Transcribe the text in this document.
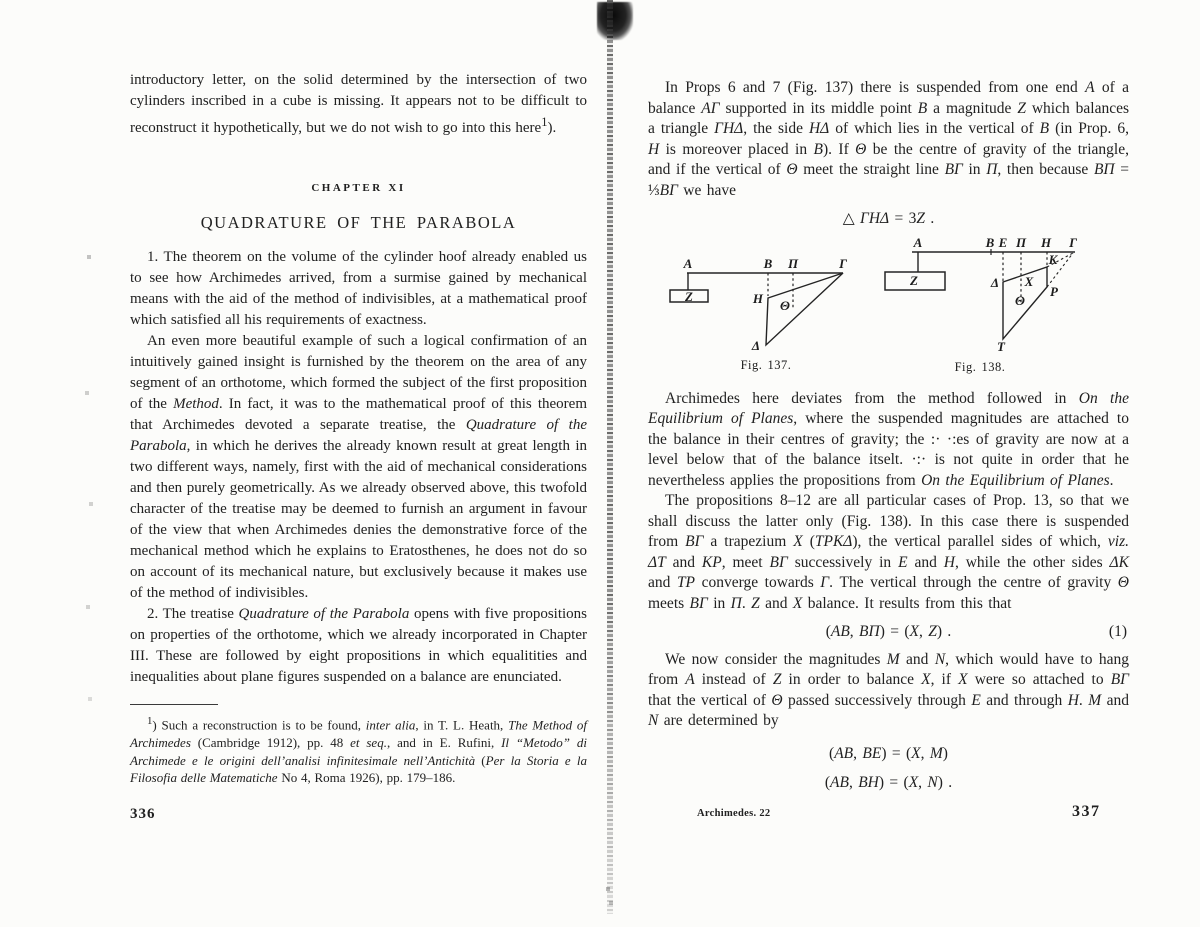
introductory letter, on the solid determined by the intersection of two cylinders inscribed in a cube is missing. It appears not to be difficult to reconstruct it hypothetically, but we do not wish to go into this here$^1$).

CHAPTER XI

QUADRATURE OF THE PARABOLA

1. The theorem on the volume of the cylinder hoof already enabled us to see how Archimedes arrived, from a surmise gained by mechanical means with the aid of the method of indivisibles, at a mathematical proof which satisfied all his requirements of exactness.

An even more beautiful example of such a logical confirmation of an intuitively gained insight is furnished by the theorem on the area of any segment of an orthotome, which formed the subject of the first proposition of the Method. In fact, it was to the mathematical proof of this theorem that Archimedes devoted a separate treatise, the Quadrature of the Parabola, in which he derives the already known result at great length in two different ways, namely, first with the aid of mechanical considerations and then purely geometrically. As we already observed above, this twofold character of the treatise may be deemed to furnish an argument in favour of the view that when Archimedes denies the demonstrative force of the mechanical method which he explains to Eratosthenes, he does not do so on account of its mechanical nature, but exclusively because it makes use of the method of indivisibles.

2. The treatise Quadrature of the Parabola opens with five propositions on properties of the orthotome, which we already incorporated in Chapter III. These are followed by eight propositions in which equalitities and inequalities about plane figures suspended on a balance are enunciated.

$^1$) Such a reconstruction is to be found, inter alia, in T. L. Heath, The Method of Archimedes (Cambridge 1912), pp. 48 et seq., and in E. Rufini, Il “Metodo” di Archimede e le origini dell’analisi infinitesimale nell’Antichità (Per la Storia e la Filosofia delle Matematiche No 4, Roma 1926), pp. 179–186.

336

In Props 6 and 7 (Fig. 137) there is suspended from one end A of a balance AΓ supported in its middle point B a magnitude Z which balances a triangle ΓHΔ, the side HΔ of which lies in the vertical of B (in Prop. 6, H is moreover placed in B). If Θ be the centre of gravity of the triangle, and if the vertical of Θ meet the straight line BΓ in Π, then because BΠ = ⅓BΓ we have

△ ΓHΔ = 3Z .
A	B Π	Γ
Z	H Θ
Δ
Fig. 137.
A	B E Π H Γ
Z	Δ
K
X
Θ
P
T
Fig. 138.

Archimedes here deviates from the method followed in On the Equilibrium of Planes, where the suspended magnitudes are attached to the balance in their centres of gravity; the :· ·:es of gravity are now at a level below that of the balance itselt. ·:· is not quite in order that he nevertheless applies the propositions from On the Equilibrium of Planes.

The propositions 8–12 are all particular cases of Prop. 13, so that we shall discuss the latter only (Fig. 138). In this case there is suspended from BΓ a trapezium X (TPKΔ), the vertical parallel sides of which, viz. ΔT and KP, meet BΓ successively in E and H, while the other sides ΔK and TP converge towards Γ. The vertical through the centre of gravity Θ meets BΓ in Π. Z and X balance. It results from this that

(AB, BΠ) = (X, Z) .	(1)

We now consider the magnitudes M and N, which would have to hang from A instead of Z in order to balance X, if X were so attached to BΓ that the vertical of Θ passed successively through E and through H. M and N are determined by

(AB, BE) = (X, M)
(AB, BH) = (X, N) .
Archimedes. 22	337
